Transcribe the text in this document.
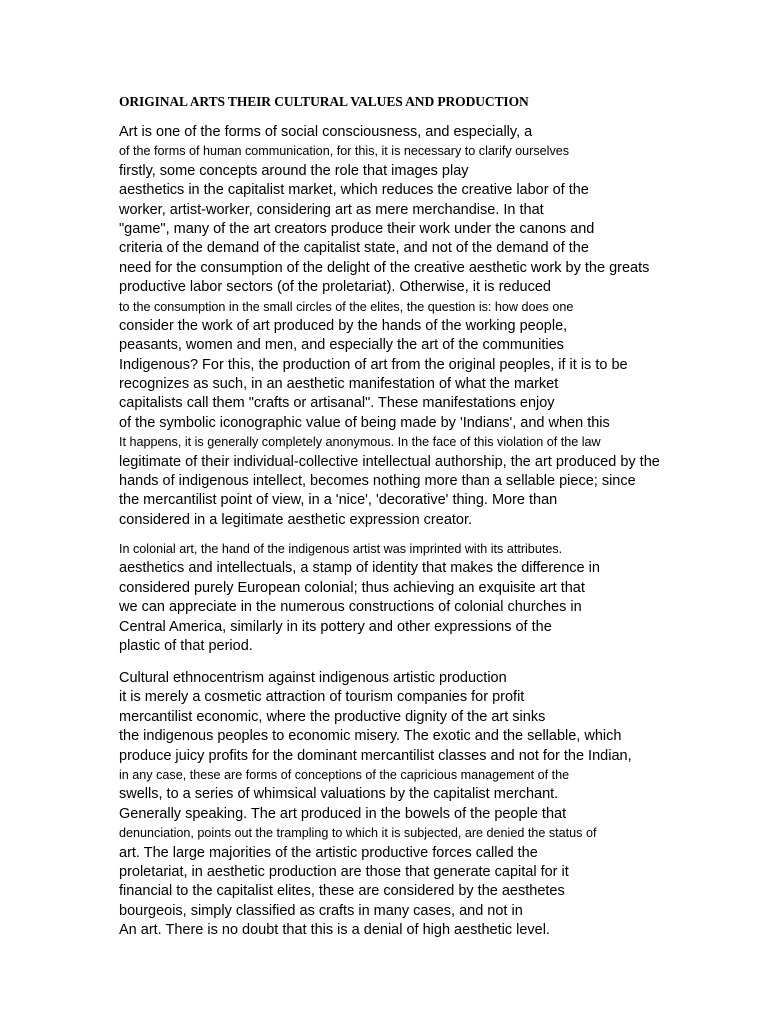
ORIGINAL ARTS THEIR CULTURAL VALUES AND PRODUCTION
Art is one of the forms of social consciousness, and especially, a
of the forms of human communication, for this, it is necessary to clarify ourselves
firstly, some concepts around the role that images play
aesthetics in the capitalist market, which reduces the creative labor of the
worker, artist-worker, considering art as mere merchandise. In that
"game", many of the art creators produce their work under the canons and
criteria of the demand of the capitalist state, and not of the demand of the
need for the consumption of the delight of the creative aesthetic work by the greats
productive labor sectors (of the proletariat). Otherwise, it is reduced
to the consumption in the small circles of the elites, the question is: how does one
consider the work of art produced by the hands of the working people,
peasants, women and men, and especially the art of the communities
Indigenous? For this, the production of art from the original peoples, if it is to be
recognizes as such, in an aesthetic manifestation of what the market
capitalists call them "crafts or artisanal". These manifestations enjoy
of the symbolic iconographic value of being made by 'Indians', and when this
It happens, it is generally completely anonymous. In the face of this violation of the law
legitimate of their individual-collective intellectual authorship, the art produced by the
hands of indigenous intellect, becomes nothing more than a sellable piece; since
the mercantilist point of view, in a 'nice', 'decorative' thing. More than
considered in a legitimate aesthetic expression creator.
In colonial art, the hand of the indigenous artist was imprinted with its attributes.
aesthetics and intellectuals, a stamp of identity that makes the difference in
considered purely European colonial; thus achieving an exquisite art that
we can appreciate in the numerous constructions of colonial churches in
Central America, similarly in its pottery and other expressions of the
plastic of that period.
Cultural ethnocentrism against indigenous artistic production
it is merely a cosmetic attraction of tourism companies for profit
mercantilist economic, where the productive dignity of the art sinks
the indigenous peoples to economic misery. The exotic and the sellable, which
produce juicy profits for the dominant mercantilist classes and not for the Indian,
in any case, these are forms of conceptions of the capricious management of the
swells, to a series of whimsical valuations by the capitalist merchant.
Generally speaking. The art produced in the bowels of the people that
denunciation, points out the trampling to which it is subjected, are denied the status of
art. The large majorities of the artistic productive forces called the
proletariat, in aesthetic production are those that generate capital for it
financial to the capitalist elites, these are considered by the aesthetes
bourgeois, simply classified as crafts in many cases, and not in
An art. There is no doubt that this is a denial of high aesthetic level.
